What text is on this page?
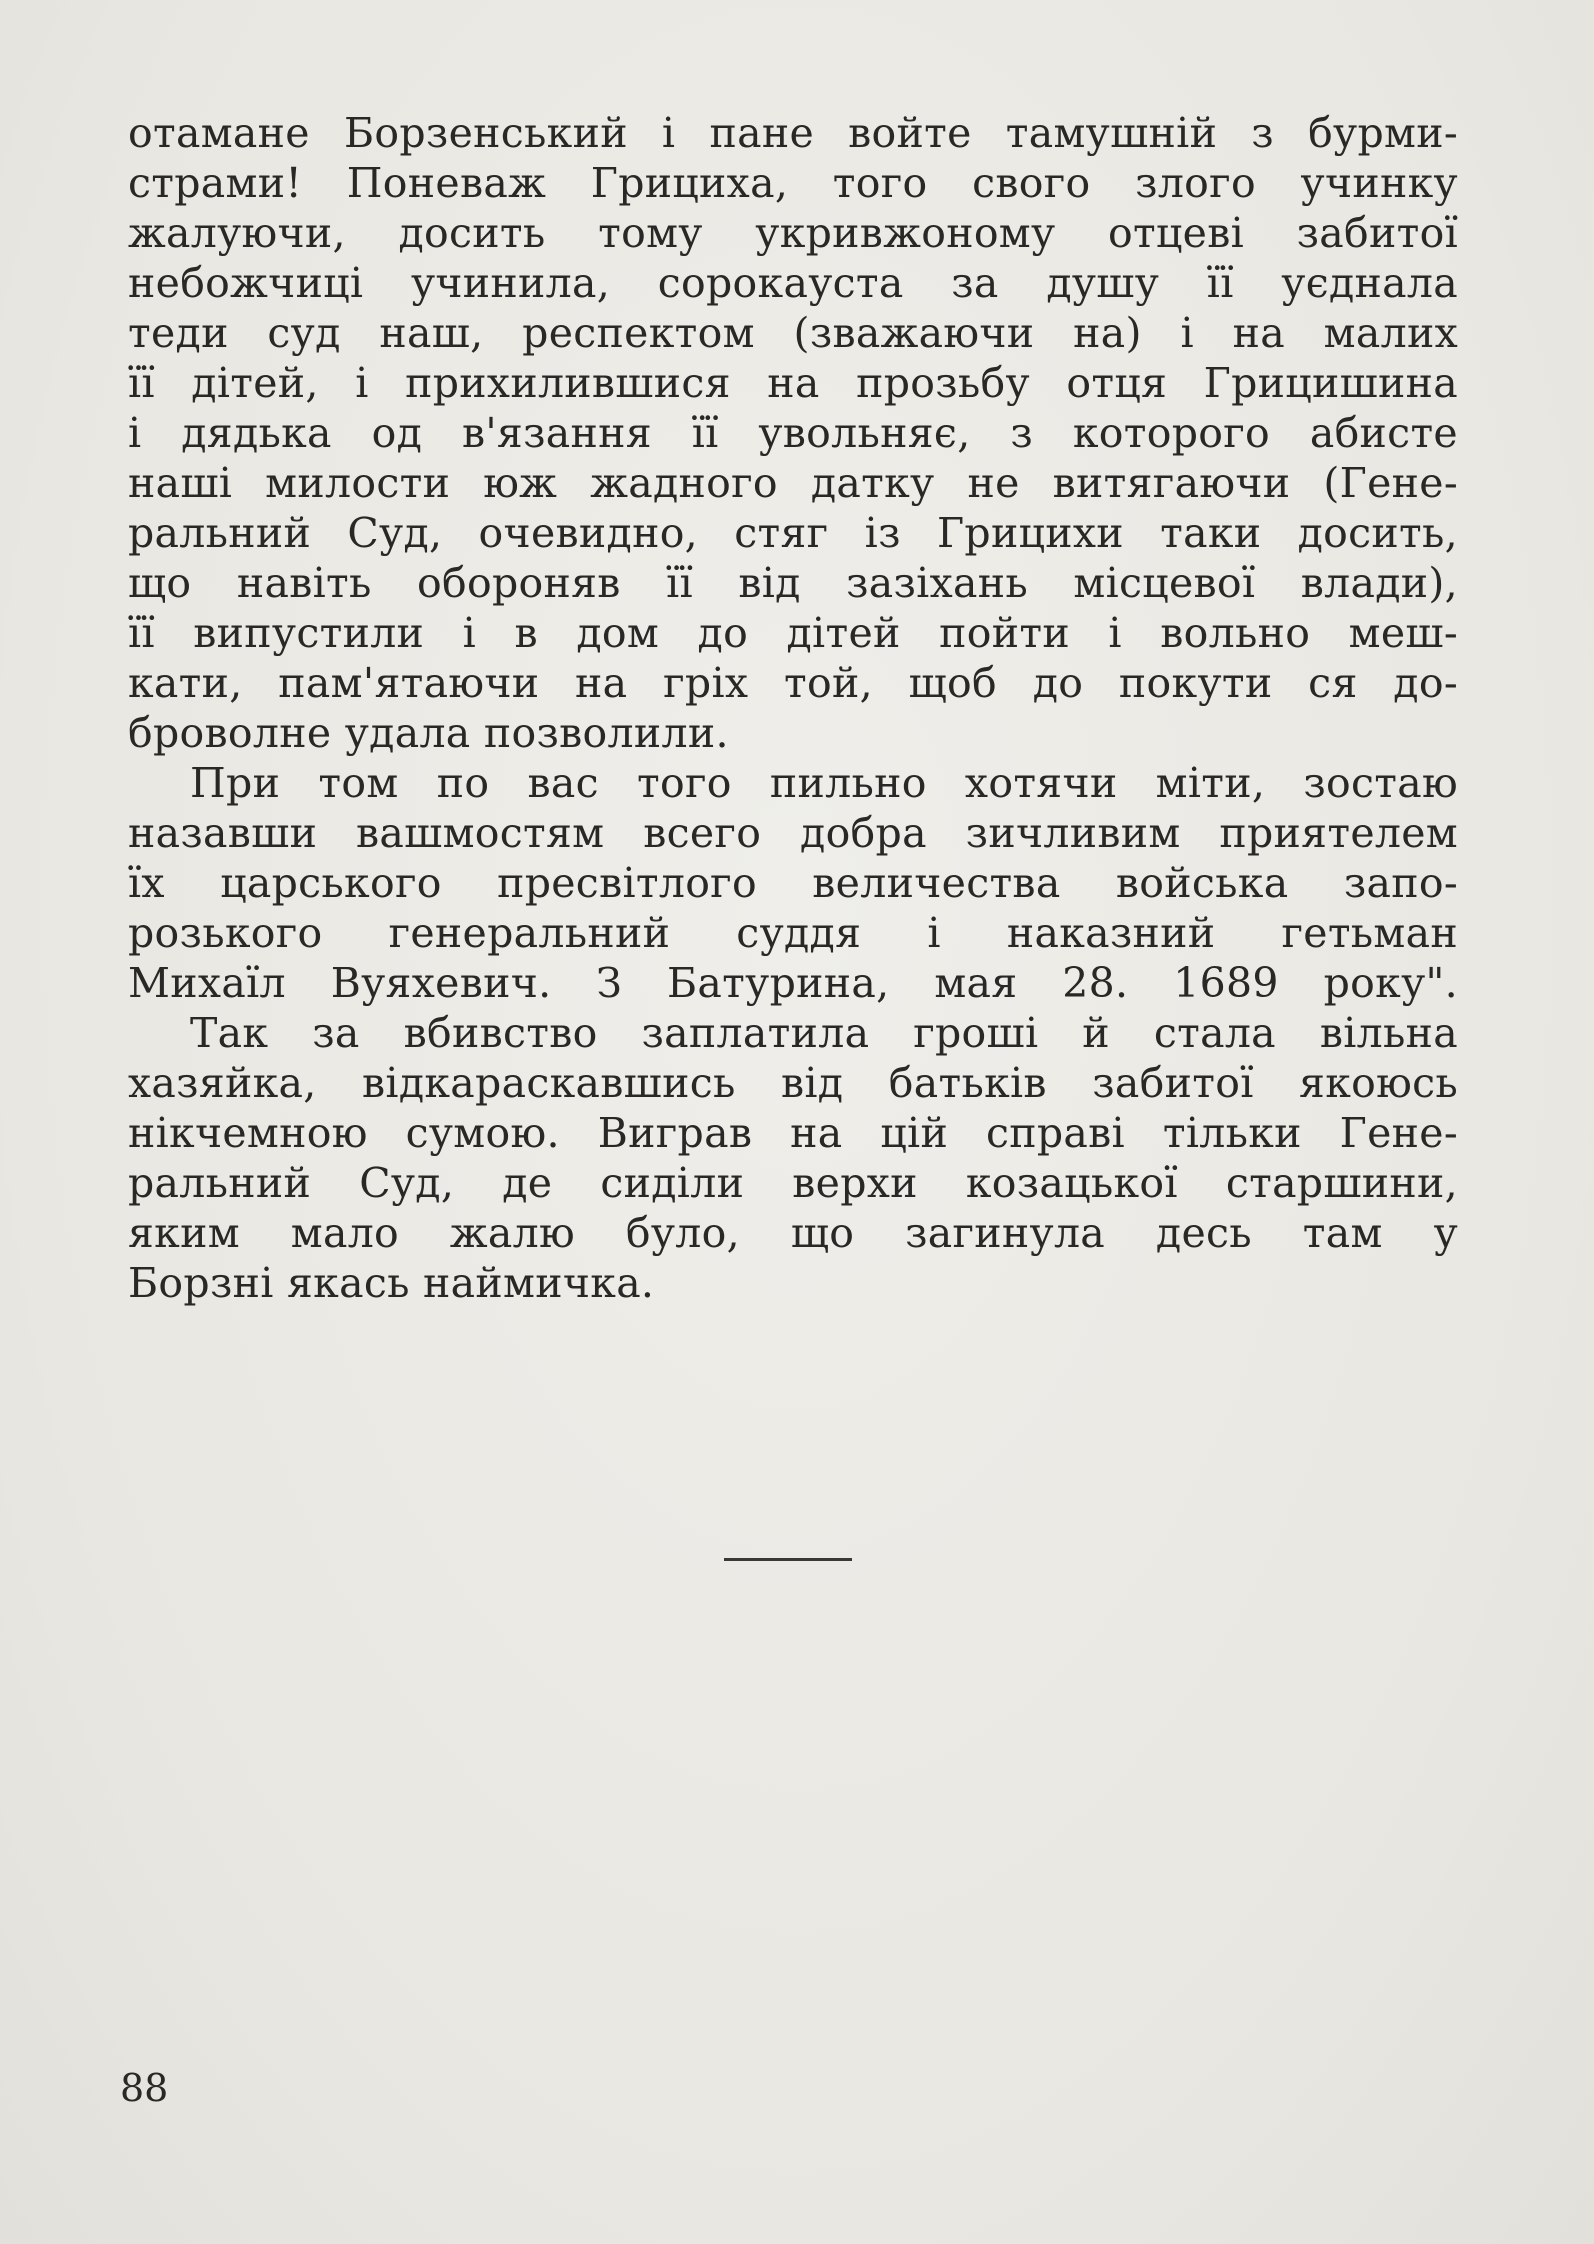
отамане Борзенський і пане войте тамушній з бурми-
страми! Поневаж Грициха, того свого злого учинку
жалуючи, досить тому укривжоному отцеві забитої
небожчиці учинила, сорокауста за душу її уєднала
теди суд наш, респектом (зважаючи на) і на малих
її дітей, і прихилившися на прозьбу отця Грицишина
і дядька од в'язання її увольняє, з которого абисте
наші милости юж жадного датку не витягаючи (Гене-
ральний Суд, очевидно, стяг із Грицихи таки досить,
що навіть обороняв її від зазіхань місцевої влади),
її випустили і в дом до дітей пойти і вольно меш-
кати, пам'ятаючи на гріх той, щоб до покути ся до-
броволне удала позволили.
При том по вас того пильно хотячи міти, зостаю
назавши вашмостям всего добра зичливим приятелем
їх царського пресвітлого величества войська запо-
розького генеральний суддя і наказний гетьман
Михаїл Вуяхевич. З Батурина, мая 28. 1689 року".
Так за вбивство заплатила гроші й стала вільна
хазяйка, відкараскавшись від батьків забитої якоюсь
нікчемною сумою. Виграв на цій справі тільки Гене-
ральний Суд, де сиділи верхи козацької старшини,
яким мало жалю було, що загинула десь там у
Борзні якась наймичка.
88
